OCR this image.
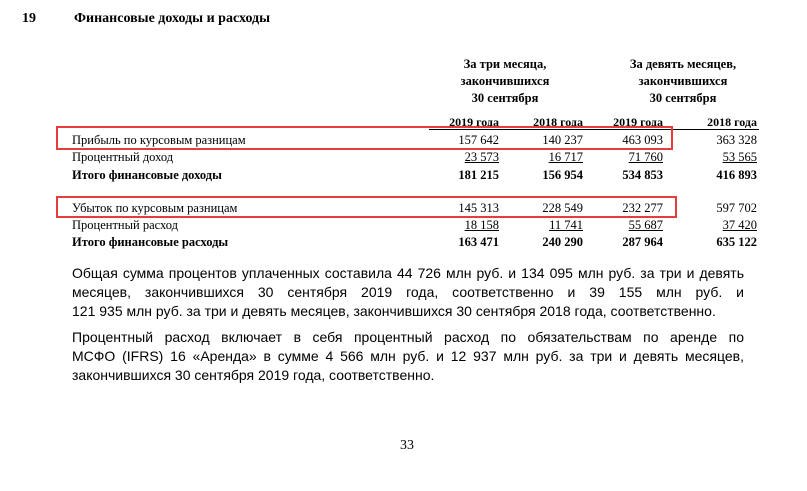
19	Финансовые доходы и расходы
За три месяца,
закончившихся
30 сентября
За девять месяцев,
закончившихся
30 сентября
2019 года	2018 года	2019 года	2018 года
Прибыль по курсовым разницам	157 642	140 237	463 093	363 328
Процентный доход	23 573	16 717	71 760	53 565
Итого финансовые доходы	181 215	156 954	534 853	416 893
Убыток по курсовым разницам	145 313	228 549	232 277	597 702
Процентный расход	18 158	11 741	55 687	37 420
Итого финансовые расходы	163 471	240 290	287 964	635 122
Общая сумма процентов уплаченных составила 44 726 млн руб. и 134 095 млн руб. за три и девять
месяцев, закончившихся 30 сентября 2019 года, соответственно и 39 155 млн руб. и
121 935 млн руб. за три и девять месяцев, закончившихся 30 сентября 2018 года, соответственно.
Процентный расход включает в себя процентный расход по обязательствам по аренде по
МСФО (IFRS) 16 «Аренда» в сумме 4 566 млн руб. и 12 937 млн руб. за три и девять месяцев,
закончившихся 30 сентября 2019 года, соответственно.
33
